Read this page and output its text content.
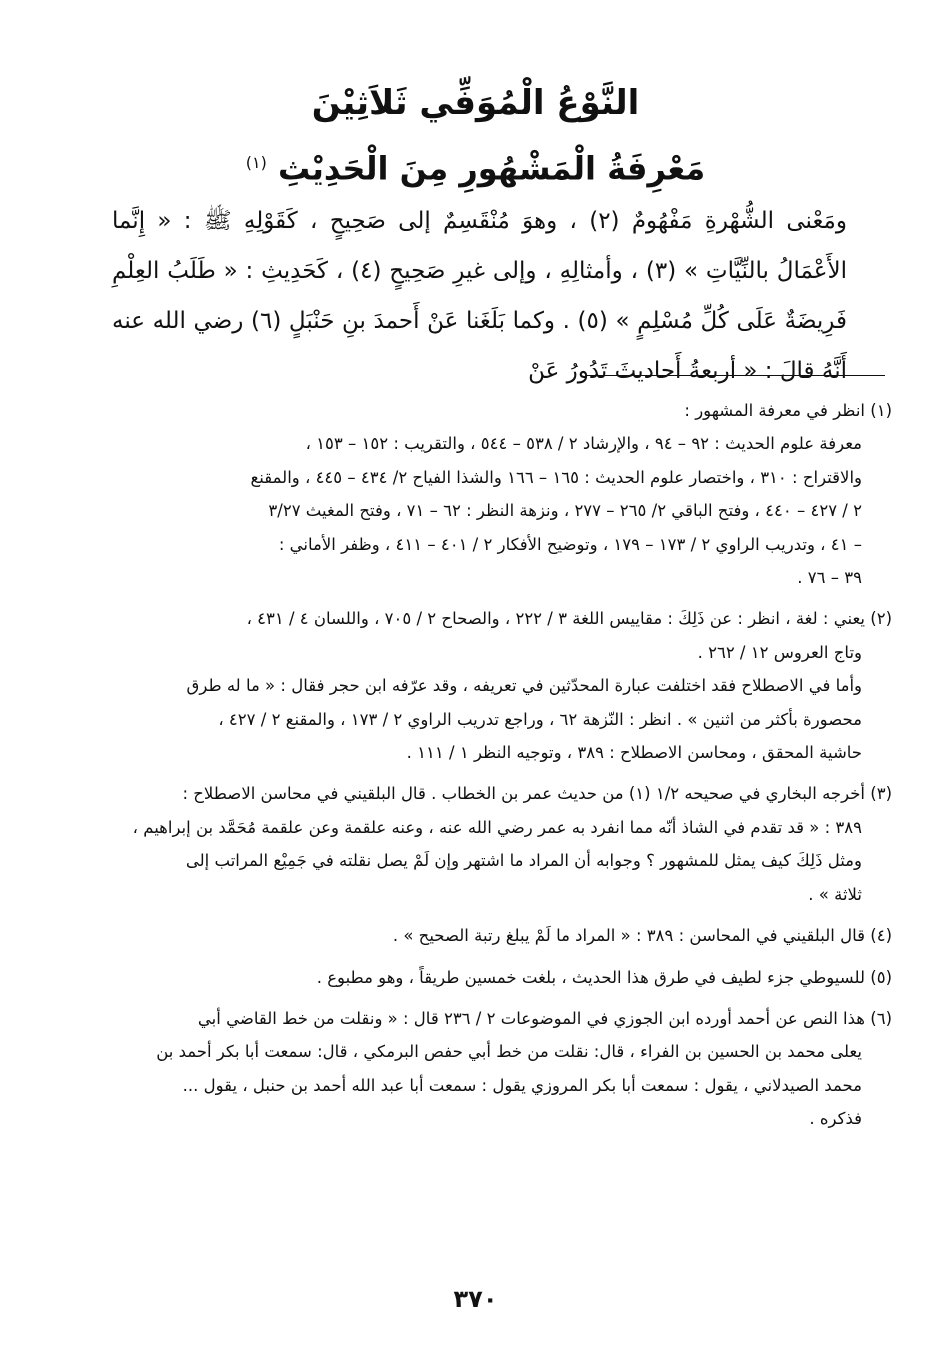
النَّوْعُ الْمُوَفِّي ثَلاَثِيْنَ
مَعْرِفَةُ الْمَشْهُورِ مِنَ الْحَدِيْثِ $^{(١)}$
ومَعْنى الشُّهْرةِ مَفْهُومٌ (٢) ، وهوَ مُنْقَسِمٌ إلى صَحِيحٍ ، كَقَوْلِهِ ﷺ : « إِنَّما الأَعْمَالُ بالنِّيَّاتِ » (٣) ، وأمثالِهِ ، وإلى غيرِ صَحِيحٍ (٤) ، كَحَدِيثِ : « طَلَبُ العِلْمِ فَرِيضَةٌ عَلَى كُلِّ مُسْلِمٍ » (٥) . وكما بَلَغَنا عَنْ أَحمدَ بنِ حَنْبَلٍ (٦) رضي الله عنه أَنَّهُ قالَ : « أربعةُ أَحاديثَ تَدُورُ عَنْ
(١) انظر في معرفة المشهور :
معرفة علوم الحديث : ٩٢ – ٩٤ ، والإرشاد ٢ / ٥٣٨ – ٥٤٤ ، والتقريب : ١٥٢ – ١٥٣ ،
والاقتراح : ٣١٠ ، واختصار علوم الحديث : ١٦٥ – ١٦٦ والشذا الفياح ٢/ ٤٣٤ – ٤٤٥ ، والمقنع
٢ / ٤٢٧ – ٤٤٠ ، وفتح الباقي ٢/ ٢٦٥ – ٢٧٧ ، ونزهة النظر : ٦٢ – ٧١ ، وفتح المغيث ٣/٢٧
– ٤١ ، وتدريب الراوي ٢ / ١٧٣ – ١٧٩ ، وتوضيح الأفكار ٢ / ٤٠١ – ٤١١ ، وظفر الأماني :
٣٩ – ٧٦ .
(٢) يعني : لغة ، انظر : عن ذَلِكَ : مقاييس اللغة ٣ / ٢٢٢ ، والصحاح ٢ / ٧٠٥ ، واللسان ٤ / ٤٣١ ،
وتاج العروس ١٢ / ٢٦٢ .
وأما في الاصطلاح فقد اختلفت عبارة المحدّثين في تعريفه ، وقد عرّفه ابن حجر فقال : « ما له طرق
محصورة بأكثر من اثنين » . انظر : النّزهة ٦٢ ، وراجع تدريب الراوي ٢ / ١٧٣ ، والمقنع ٢ / ٤٢٧ ،
حاشية المحقق ، ومحاسن الاصطلاح : ٣٨٩ ، وتوجيه النظر ١ / ١١١ .
(٣) أخرجه البخاري في صحيحه ١/٢ (١) من حديث عمر بن الخطاب . قال البلقيني في محاسن الاصطلاح :
٣٨٩ : « قد تقدم في الشاذ أنّه مما انفرد به عمر رضي الله عنه ، وعنه علقمة وعن علقمة مُحَمَّد بن إبراهيم ،
ومثل ذَلِكَ كيف يمثل للمشهور ؟ وجوابه أن المراد ما اشتهر وإن لَمْ يصل نقلته في جَمِيْع المراتب إلى
ثلاثة » .
(٤) قال البلقيني في المحاسن : ٣٨٩ : « المراد ما لَمْ يبلغ رتبة الصحيح » .
(٥) للسيوطي جزء لطيف في طرق هذا الحديث ، بلغت خمسين طريقاً ، وهو مطبوع .
(٦) هذا النص عن أحمد أورده ابن الجوزي في الموضوعات ٢ / ٢٣٦ قال : « ونقلت من خط القاضي أبي
يعلى محمد بن الحسين بن الفراء ، قال: نقلت من خط أبي حفص البرمكي ، قال: سمعت أبا بكر أحمد بن
محمد الصيدلاني ، يقول : سمعت أبا بكر المروزي يقول : سمعت أبا عبد الله أحمد بن حنبل ، يقول ...
فذكره .
٣٧٠
